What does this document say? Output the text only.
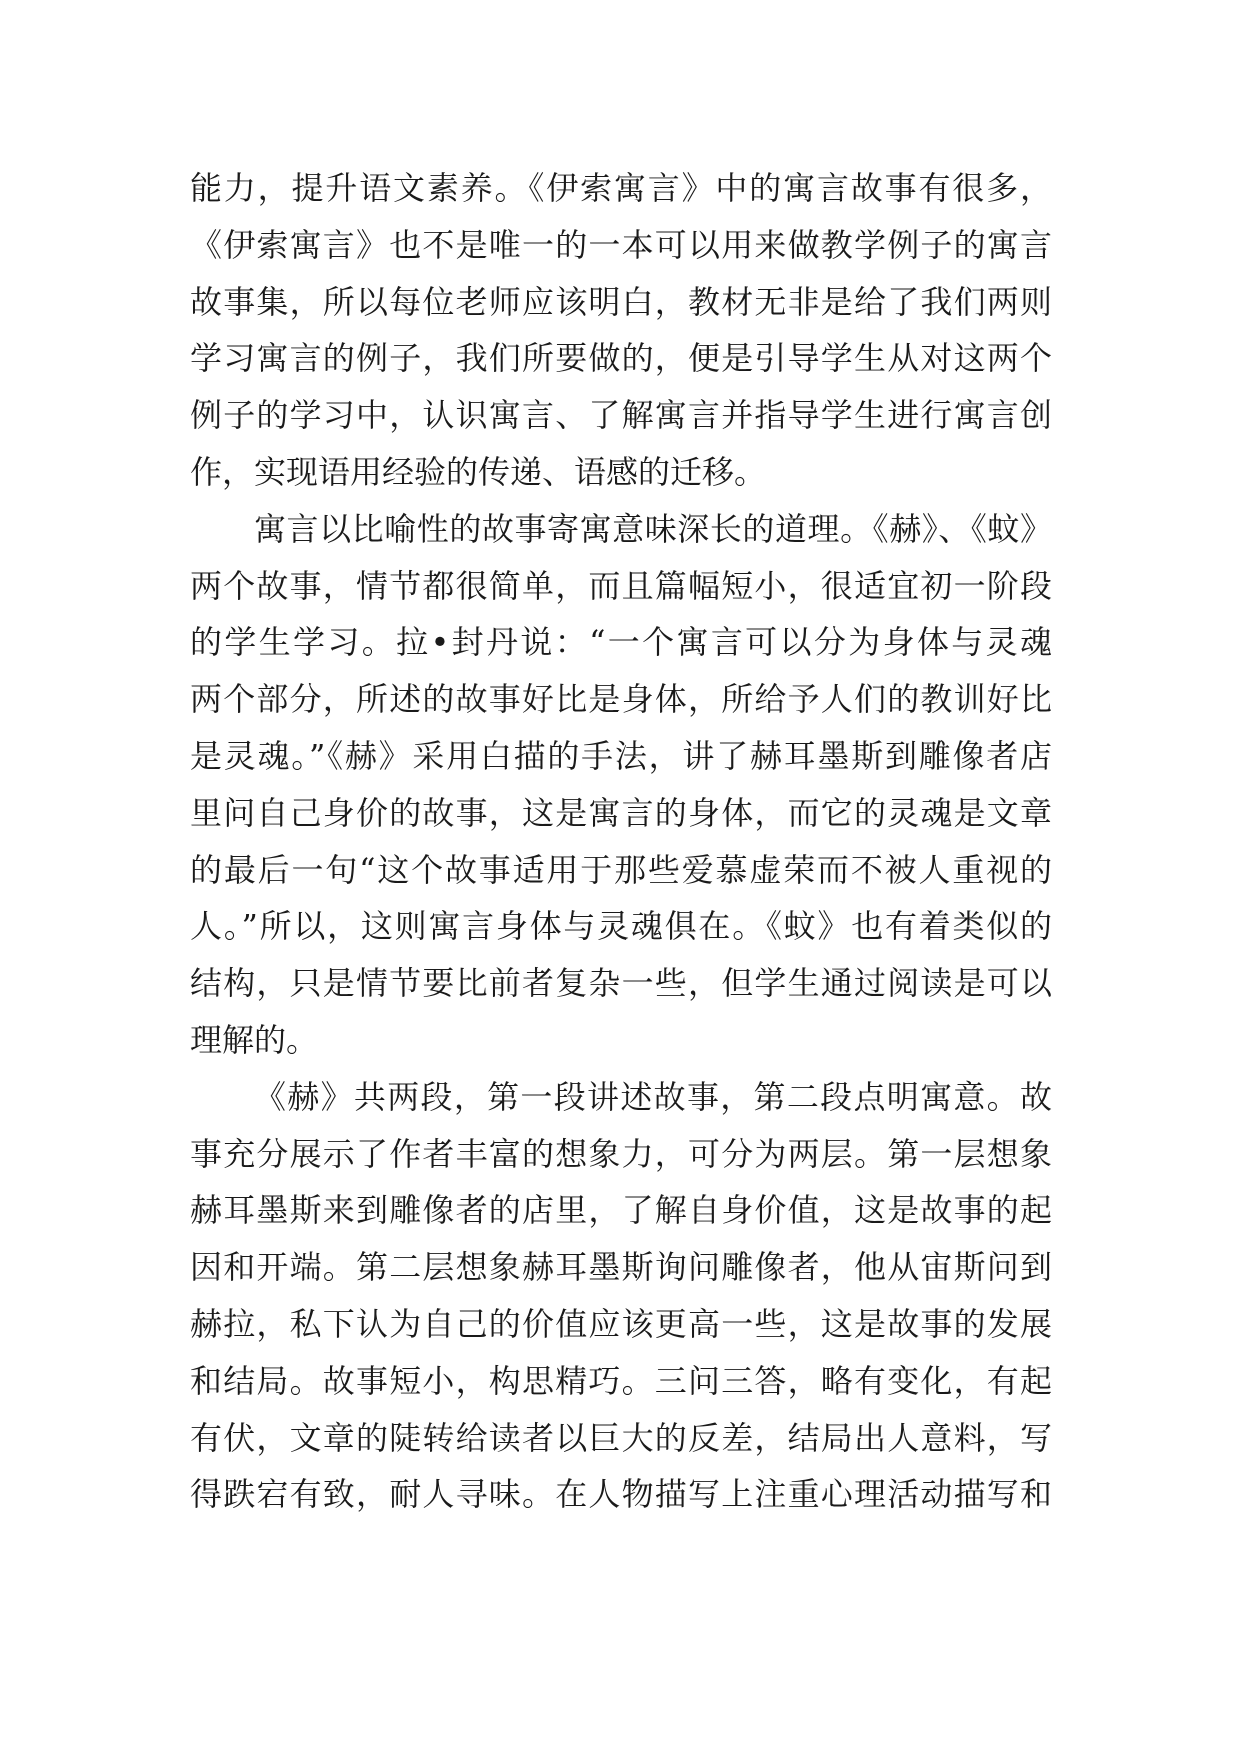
能力，提升语文素养。《伊索寓言》中的寓言故事有很多，
《伊索寓言》也不是唯一的一本可以用来做教学例子的寓言
故事集，所以每位老师应该明白，教材无非是给了我们两则
学习寓言的例子，我们所要做的，便是引导学生从对这两个
例子的学习中，认识寓言、了解寓言并指导学生进行寓言创
作，实现语用经验的传递、语感的迁移。
寓言以比喻性的故事寄寓意味深长的道理。《赫》、《蚊》
两个故事，情节都很简单，而且篇幅短小，很适宜初一阶段
的学生学习。拉•封丹说：“一个寓言可以分为身体与灵魂
两个部分，所述的故事好比是身体，所给予人们的教训好比
是灵魂。”《赫》采用白描的手法，讲了赫耳墨斯到雕像者店
里问自己身价的故事，这是寓言的身体，而它的灵魂是文章
的最后一句“这个故事适用于那些爱慕虚荣而不被人重视的
人。”所以，这则寓言身体与灵魂俱在。《蚊》也有着类似的
结构，只是情节要比前者复杂一些，但学生通过阅读是可以
理解的。
《赫》共两段，第一段讲述故事，第二段点明寓意。故
事充分展示了作者丰富的想象力，可分为两层。第一层想象
赫耳墨斯来到雕像者的店里，了解自身价值，这是故事的起
因和开端。第二层想象赫耳墨斯询问雕像者，他从宙斯问到
赫拉，私下认为自己的价值应该更高一些，这是故事的发展
和结局。故事短小，构思精巧。三问三答，略有变化，有起
有伏，文章的陡转给读者以巨大的反差，结局出人意料，写
得跌宕有致，耐人寻味。在人物描写上注重心理活动描写和
